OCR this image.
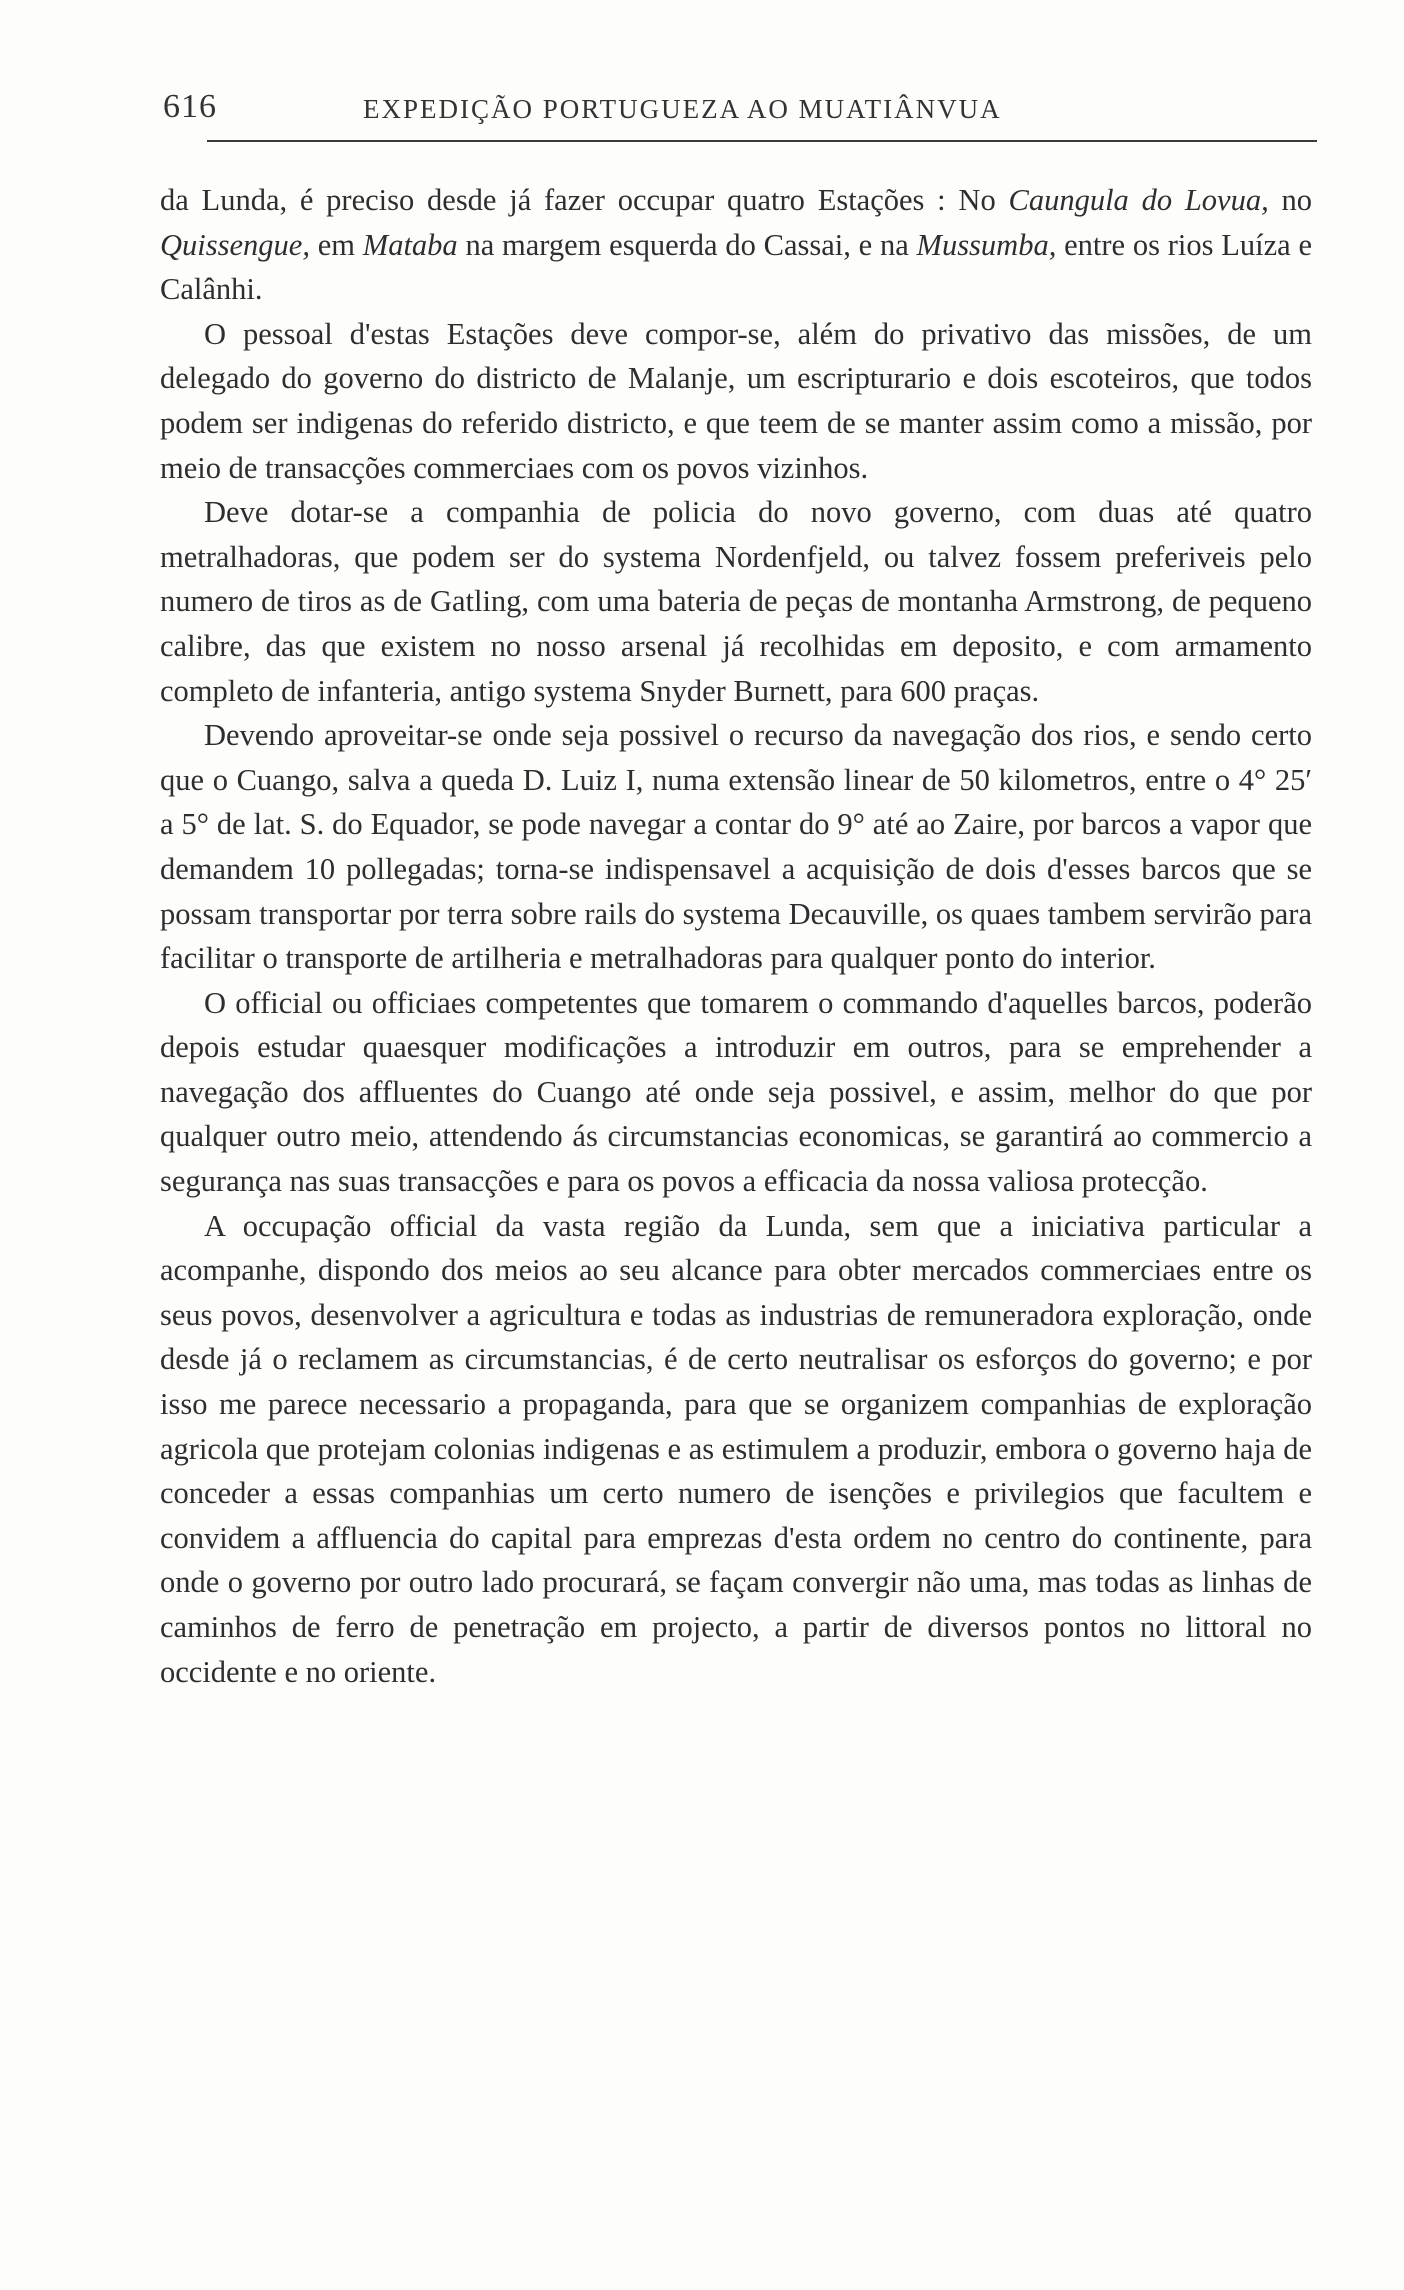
616	EXPEDIÇÃO PORTUGUEZA AO MUATIÂNVUA

da Lunda, é preciso desde já fazer occupar quatro Estações : No Caungula do Lovua, no Quissengue, em Mataba na margem esquerda do Cassai, e na Mussumba, entre os rios Luíza e Calânhi.

O pessoal d'estas Estações deve compor-se, além do privativo das missões, de um delegado do governo do districto de Malanje, um escripturario e dois escoteiros, que todos podem ser indigenas do referido districto, e que teem de se manter assim como a missão, por meio de transacções commerciaes com os povos vizinhos.

Deve dotar-se a companhia de policia do novo governo, com duas até quatro metralhadoras, que podem ser do systema Nordenfjeld, ou talvez fossem preferiveis pelo numero de tiros as de Gatling, com uma bateria de peças de montanha Armstrong, de pequeno calibre, das que existem no nosso arsenal já recolhidas em deposito, e com armamento completo de infanteria, antigo systema Snyder Burnett, para 600 praças.

Devendo aproveitar-se onde seja possivel o recurso da navegação dos rios, e sendo certo que o Cuango, salva a queda D. Luiz I, numa extensão linear de 50 kilometros, entre o 4° 25′ a 5° de lat. S. do Equador, se pode navegar a contar do 9° até ao Zaire, por barcos a vapor que demandem 10 pollegadas; torna-se indispensavel a acquisição de dois d'esses barcos que se possam transportar por terra sobre rails do systema Decauville, os quaes tambem servirão para facilitar o transporte de artilheria e metralhadoras para qualquer ponto do interior.

O official ou officiaes competentes que tomarem o commando d'aquelles barcos, poderão depois estudar quaesquer modificações a introduzir em outros, para se emprehender a navegação dos affluentes do Cuango até onde seja possivel, e assim, melhor do que por qualquer outro meio, attendendo ás circumstancias economicas, se garantirá ao commercio a segurança nas suas transacções e para os povos a efficacia da nossa valiosa protecção.

A occupação official da vasta região da Lunda, sem que a iniciativa particular a acompanhe, dispondo dos meios ao seu alcance para obter mercados commerciaes entre os seus povos, desenvolver a agricultura e todas as industrias de remuneradora exploração, onde desde já o reclamem as circumstancias, é de certo neutralisar os esforços do governo; e por isso me parece necessario a propaganda, para que se organizem companhias de exploração agricola que protejam colonias indigenas e as estimulem a produzir, embora o governo haja de conceder a essas companhias um certo numero de isenções e privilegios que facultem e convidem a affluencia do capital para emprezas d'esta ordem no centro do continente, para onde o governo por outro lado procurará, se façam convergir não uma, mas todas as linhas de caminhos de ferro de penetração em projecto, a partir de diversos pontos no littoral no occidente e no oriente.
